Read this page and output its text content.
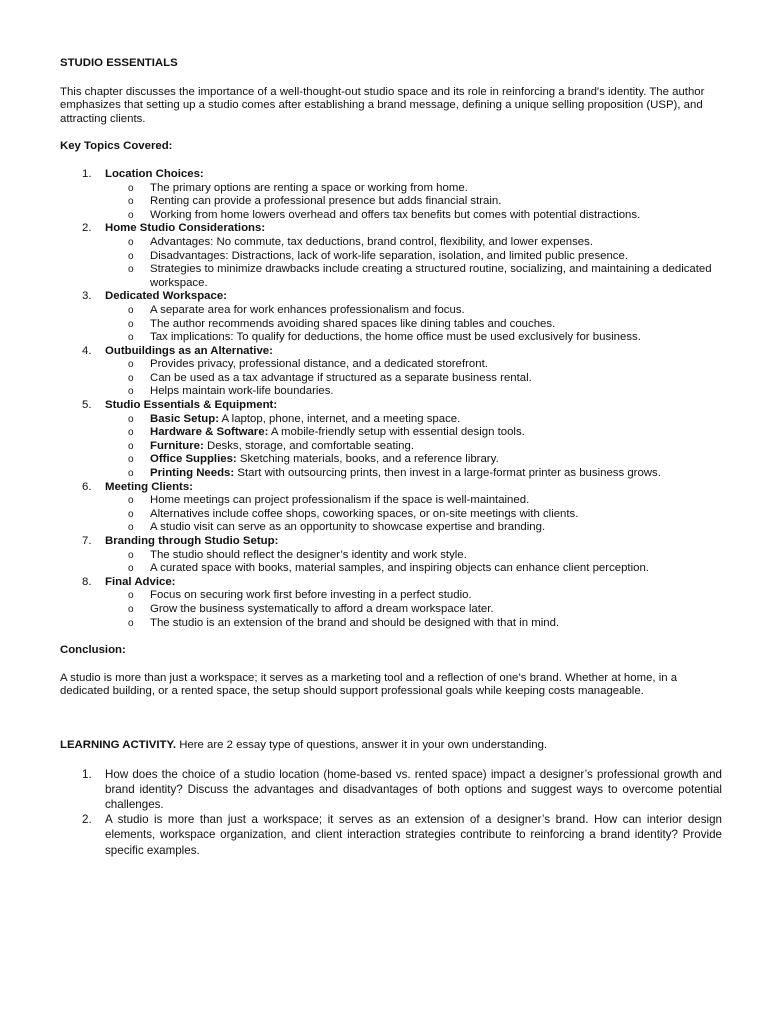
STUDIO ESSENTIALS

This chapter discusses the importance of a well-thought-out studio space and its role in reinforcing a brand's identity. The author emphasizes that setting up a studio comes after establishing a brand message, defining a unique selling proposition (USP), and attracting clients.

Key Topics Covered:

1. Location Choices:
o The primary options are renting a space or working from home.
o Renting can provide a professional presence but adds financial strain.
o Working from home lowers overhead and offers tax benefits but comes with potential distractions.
2. Home Studio Considerations:
o Advantages: No commute, tax deductions, brand control, flexibility, and lower expenses.
o Disadvantages: Distractions, lack of work-life separation, isolation, and limited public presence.
o Strategies to minimize drawbacks include creating a structured routine, socializing, and maintaining a dedicated workspace.
3. Dedicated Workspace:
o A separate area for work enhances professionalism and focus.
o The author recommends avoiding shared spaces like dining tables and couches.
o Tax implications: To qualify for deductions, the home office must be used exclusively for business.
4. Outbuildings as an Alternative:
o Provides privacy, professional distance, and a dedicated storefront.
o Can be used as a tax advantage if structured as a separate business rental.
o Helps maintain work-life boundaries.
5. Studio Essentials & Equipment:
o Basic Setup: A laptop, phone, internet, and a meeting space.
o Hardware & Software: A mobile-friendly setup with essential design tools.
o Furniture: Desks, storage, and comfortable seating.
o Office Supplies: Sketching materials, books, and a reference library.
o Printing Needs: Start with outsourcing prints, then invest in a large-format printer as business grows.
6. Meeting Clients:
o Home meetings can project professionalism if the space is well-maintained.
o Alternatives include coffee shops, coworking spaces, or on-site meetings with clients.
o A studio visit can serve as an opportunity to showcase expertise and branding.
7. Branding through Studio Setup:
o The studio should reflect the designer’s identity and work style.
o A curated space with books, material samples, and inspiring objects can enhance client perception.
8. Final Advice:
o Focus on securing work first before investing in a perfect studio.
o Grow the business systematically to afford a dream workspace later.
o The studio is an extension of the brand and should be designed with that in mind.

Conclusion:

A studio is more than just a workspace; it serves as a marketing tool and a reflection of one’s brand. Whether at home, in a dedicated building, or a rented space, the setup should support professional goals while keeping costs manageable.

LEARNING ACTIVITY. Here are 2 essay type of questions, answer it in your own understanding.

1. How does the choice of a studio location (home-based vs. rented space) impact a designer’s professional growth and brand identity? Discuss the advantages and disadvantages of both options and suggest ways to overcome potential challenges.
2. A studio is more than just a workspace; it serves as an extension of a designer’s brand. How can interior design elements, workspace organization, and client interaction strategies contribute to reinforcing a brand identity? Provide specific examples.
